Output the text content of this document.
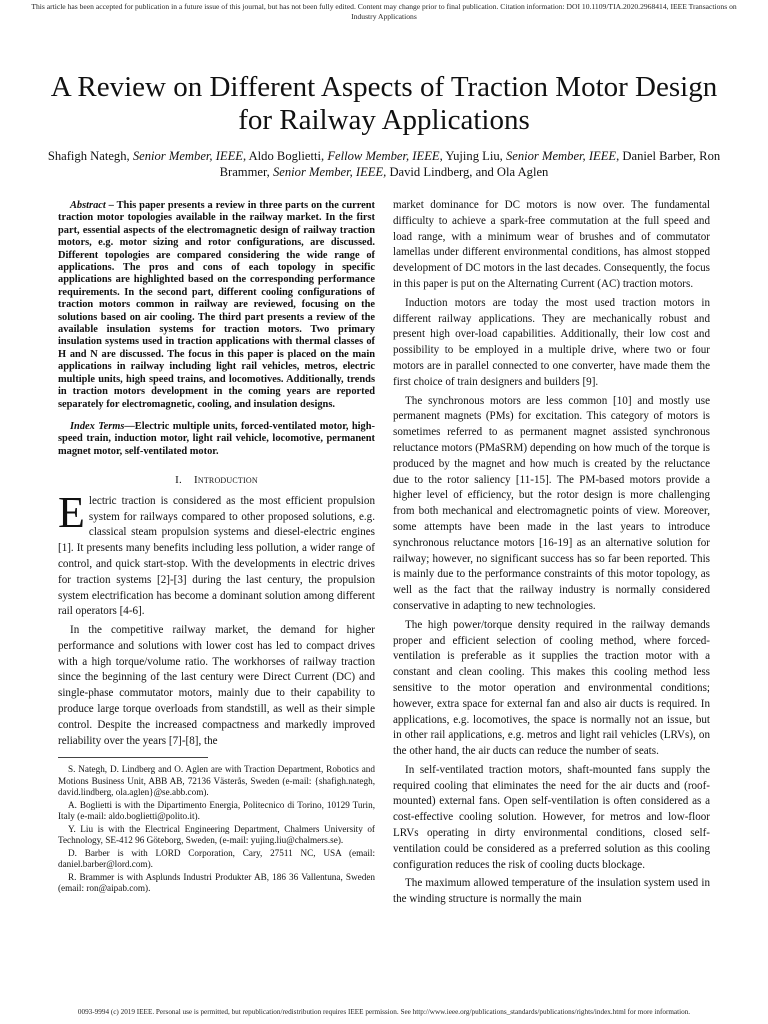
This article has been accepted for publication in a future issue of this journal, but has not been fully edited. Content may change prior to final publication. Citation information: DOI 10.1109/TIA.2020.2968414, IEEE Transactions on Industry Applications
A Review on Different Aspects of Traction Motor Design for Railway Applications
Shafigh Nategh, Senior Member, IEEE, Aldo Boglietti, Fellow Member, IEEE, Yujing Liu, Senior Member, IEEE, Daniel Barber, Ron Brammer, Senior Member, IEEE, David Lindberg, and Ola Aglen

Abstract – This paper presents a review in three parts on the current traction motor topologies available in the railway market. In the first part, essential aspects of the electromagnetic design of railway traction motors, e.g. motor sizing and rotor configurations, are discussed. Different topologies are compared considering the wide range of applications. The pros and cons of each topology in specific applications are highlighted based on the corresponding performance requirements. In the second part, different cooling configurations of traction motors common in railway are reviewed, focusing on the solutions based on air cooling. The third part presents a review of the available insulation systems for traction motors. Two primary insulation systems used in traction applications with thermal classes of H and N are discussed. The focus in this paper is placed on the main applications in railway including light rail vehicles, metros, electric multiple units, high speed trains, and locomotives. Additionally, trends in traction motors development in the coming years are reported separately for electromagnetic, cooling, and insulation designs.

Index Terms—Electric multiple units, forced-ventilated motor, high-speed train, induction motor, light rail vehicle, locomotive, permanent magnet motor, self-ventilated motor.

I. Introduction

Electric traction is considered as the most efficient propulsion system for railways compared to other proposed solutions, e.g. classical steam propulsion systems and diesel-electric engines [1]. It presents many benefits including less pollution, a wider range of control, and quick start-stop. With the developments in electric drives for traction systems [2]-[3] during the last century, the propulsion system electrification has become a dominant solution among different rail operators [4-6].

In the competitive railway market, the demand for higher performance and solutions with lower cost has led to compact drives with a high torque/volume ratio. The workhorses of railway traction since the beginning of the last century were Direct Current (DC) and single-phase commutator motors, mainly due to their capability to produce large torque overloads from standstill, as well as their simple control. Despite the increased compactness and markedly improved reliability over the years [7]-[8], the

S. Nategh, D. Lindberg and O. Aglen are with Traction Department, Robotics and Motions Business Unit, ABB AB, 72136 Västerås, Sweden (e-mail: {shafigh.nategh, david.lindberg, ola.aglen}@se.abb.com).

A. Boglietti is with the Dipartimento Energia, Politecnico di Torino, 10129 Turin, Italy (e-mail: aldo.boglietti@polito.it).

Y. Liu is with the Electrical Engineering Department, Chalmers University of Technology, SE-412 96 Göteborg, Sweden, (e-mail: yujing.liu@chalmers.se).

D. Barber is with LORD Corporation, Cary, 27511 NC, USA (email: daniel.barber@lord.com).

R. Brammer is with Asplunds Industri Produkter AB, 186 36 Vallentuna, Sweden (email: ron@aipab.com).

market dominance for DC motors is now over. The fundamental difficulty to achieve a spark-free commutation at the full speed and load range, with a minimum wear of brushes and of commutator lamellas under different environmental conditions, has almost stopped development of DC motors in the last decades. Consequently, the focus in this paper is put on the Alternating Current (AC) traction motors.

Induction motors are today the most used traction motors in different railway applications. They are mechanically robust and present high over-load capabilities. Additionally, their low cost and possibility to be employed in a multiple drive, where two or four motors are in parallel connected to one converter, have made them the first choice of train designers and builders [9].

The synchronous motors are less common [10] and mostly use permanent magnets (PMs) for excitation. This category of motors is sometimes referred to as permanent magnet assisted synchronous reluctance motors (PMaSRM) depending on how much of the torque is produced by the magnet and how much is created by the reluctance due to the rotor saliency [11-15]. The PM-based motors provide a higher level of efficiency, but the rotor design is more challenging from both mechanical and electromagnetic points of view. Moreover, some attempts have been made in the last years to introduce synchronous reluctance motors [16-19] as an alternative solution for railway; however, no significant success has so far been reported. This is mainly due to the performance constraints of this motor topology, as well as the fact that the railway industry is normally considered conservative in adapting to new technologies.

The high power/torque density required in the railway demands proper and efficient selection of cooling method, where forced-ventilation is preferable as it supplies the traction motor with a constant and clean cooling. This makes this cooling method less sensitive to the motor operation and environmental conditions; however, extra space for external fan and also air ducts is required. In applications, e.g. locomotives, the space is normally not an issue, but in other rail applications, e.g. metros and light rail vehicles (LRVs), on the other hand, the air ducts can reduce the number of seats.

In self-ventilated traction motors, shaft-mounted fans supply the required cooling that eliminates the need for the air ducts and (roof-mounted) external fans. Open self-ventilation is often considered as a cost-effective cooling solution. However, for metros and low-floor LRVs operating in dirty environmental conditions, closed self-ventilation could be considered as a preferred solution as this cooling configuration reduces the risk of cooling ducts blockage.

The maximum allowed temperature of the insulation system used in the winding structure is normally the main

0093-9994 (c) 2019 IEEE. Personal use is permitted, but republication/redistribution requires IEEE permission. See http://www.ieee.org/publications_standards/publications/rights/index.html for more information.
